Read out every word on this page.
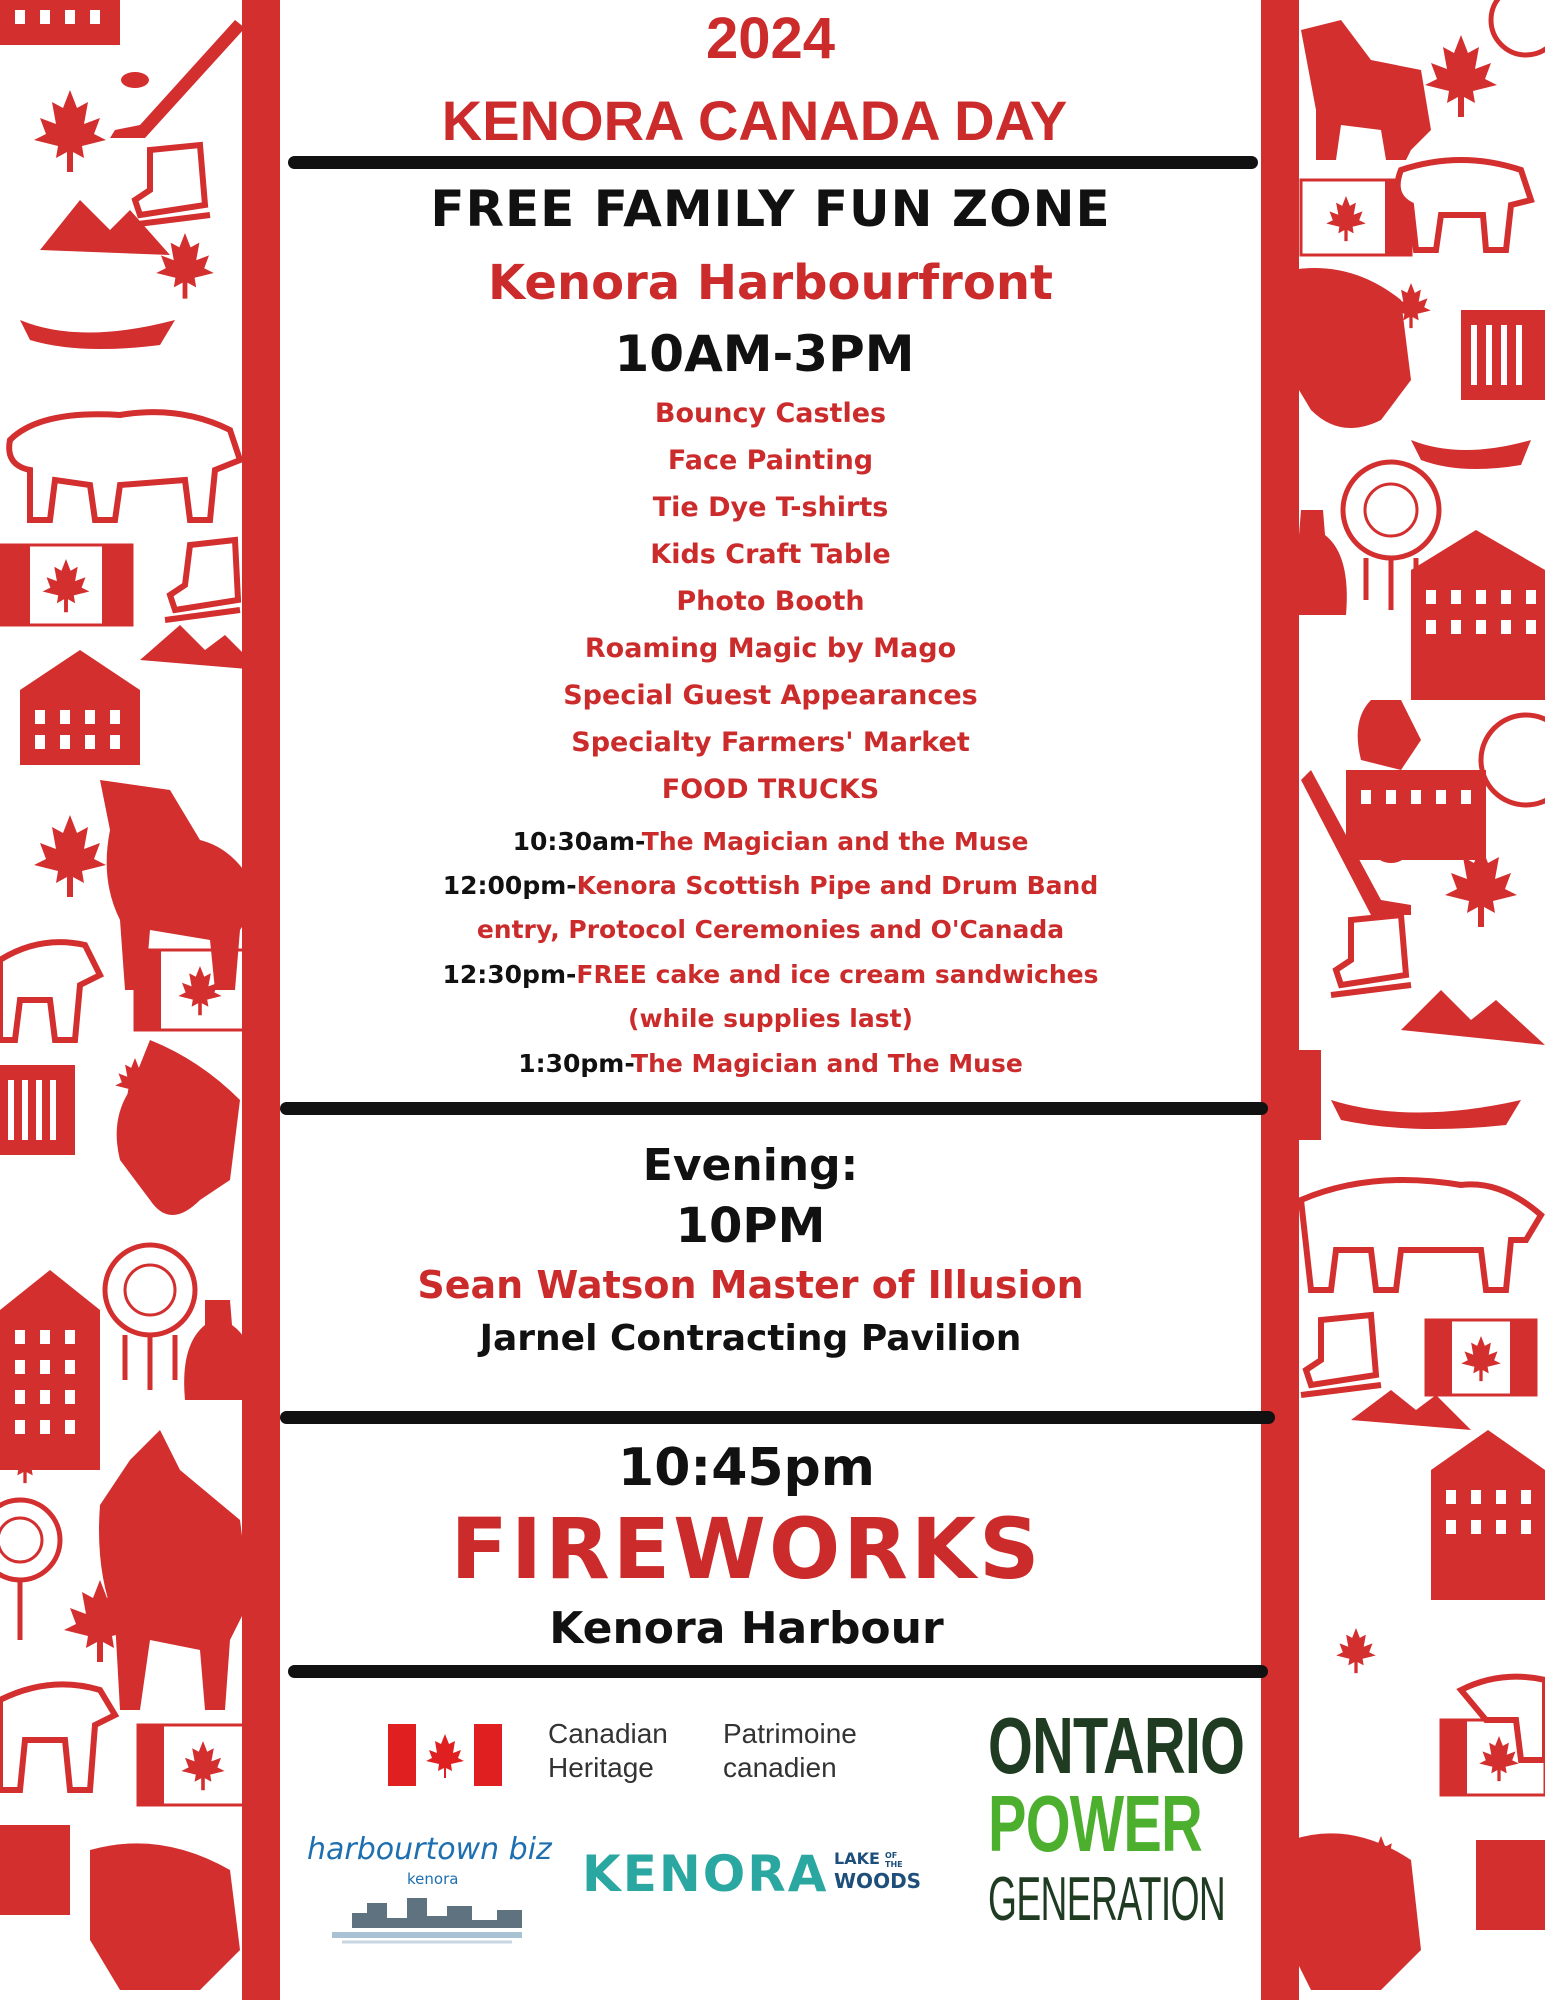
2024
KENORA CANADA DAY
FREE FAMILY FUN ZONE
Kenora Harbourfront
10AM-3PM
Bouncy Castles
Face Painting
Tie Dye T-shirts
Kids Craft Table
Photo Booth
Roaming Magic by Mago
Special Guest Appearances
Specialty Farmers' Market
FOOD TRUCKS
10:30am-The Magician and the Muse
12:00pm-Kenora Scottish Pipe and Drum Band
entry, Protocol Ceremonies and O'Canada
12:30pm-FREE cake and ice cream sandwiches
(while supplies last)
1:30pm-The Magician and The Muse
Evening:
10PM
Sean Watson Master of Illusion
Jarnel Contracting Pavilion
10:45pm
FIREWORKS
Kenora Harbour
Canadian
Heritage
Patrimoine
canadien
harbourtown biz
kenora KENORA LAKE OF THE
WOODS
ONTARIO
POWER
GENERATION
